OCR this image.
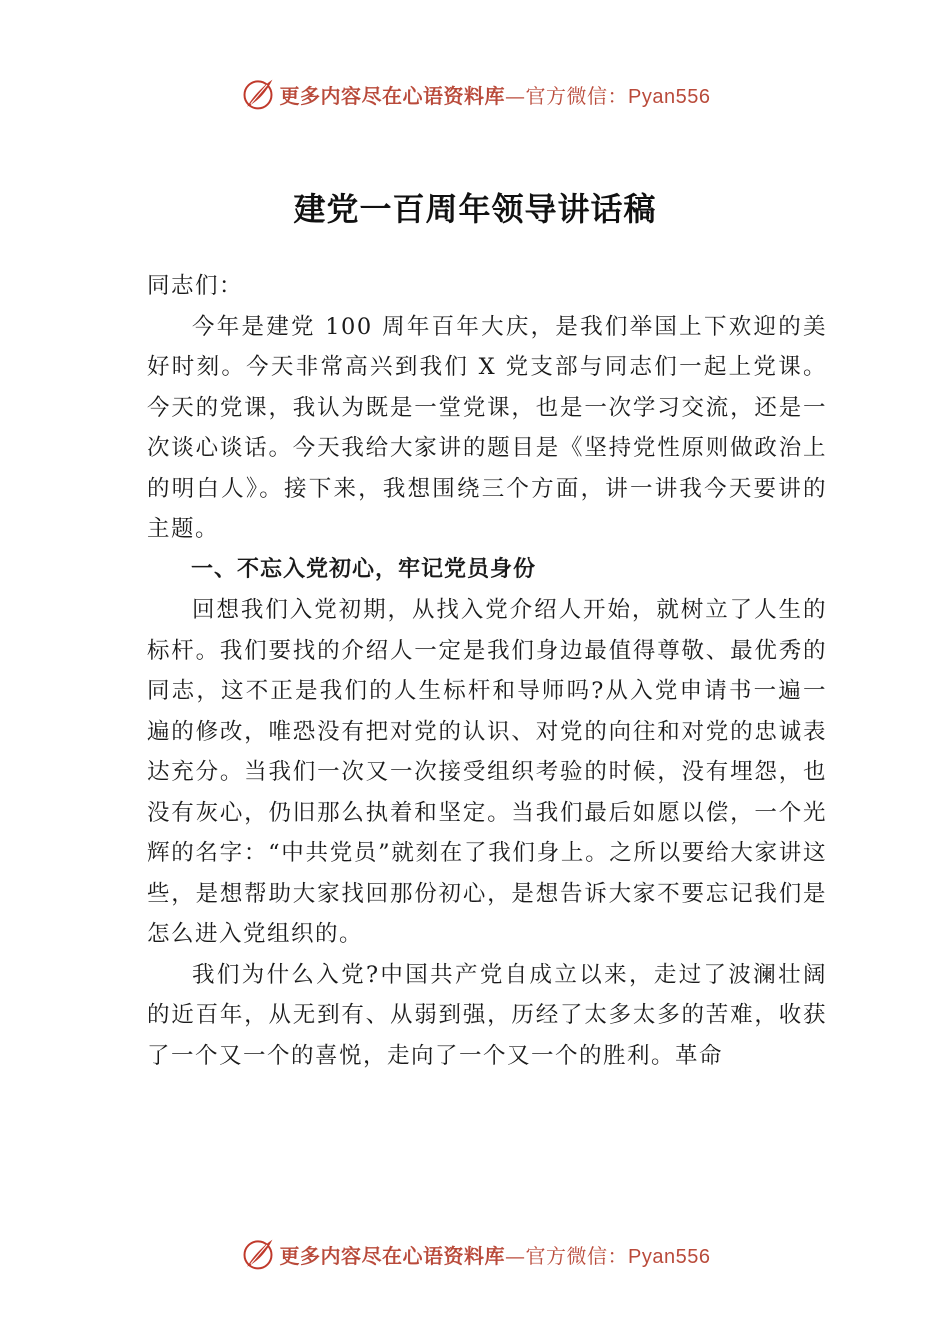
更多内容尽在心语资料库—官方微信：Pyan556
建党一百周年领导讲话稿

同志们：

今年是建党 100 周年百年大庆，是我们举国上下欢迎的美好时刻。今天非常高兴到我们 X 党支部与同志们一起上党课。今天的党课，我认为既是一堂党课，也是一次学习交流，还是一次谈心谈话。今天我给大家讲的题目是《坚持党性原则做政治上的明白人》。接下来，我想围绕三个方面，讲一讲我今天要讲的主题。

一、不忘入党初心，牢记党员身份

回想我们入党初期，从找入党介绍人开始，就树立了人生的标杆。我们要找的介绍人一定是我们身边最值得尊敬、最优秀的同志，这不正是我们的人生标杆和导师吗?从入党申请书一遍一遍的修改，唯恐没有把对党的认识、对党的向往和对党的忠诚表达充分。当我们一次又一次接受组织考验的时候，没有埋怨，也没有灰心，仍旧那么执着和坚定。当我们最后如愿以偿，一个光辉的名字：“中共党员”就刻在了我们身上。之所以要给大家讲这些，是想帮助大家找回那份初心，是想告诉大家不要忘记我们是怎么进入党组织的。

我们为什么入党?中国共产党自成立以来，走过了波澜壮阔的近百年，从无到有、从弱到强，历经了太多太多的苦难，收获了一个又一个的喜悦，走向了一个又一个的胜利。革命

更多内容尽在心语资料库—官方微信：Pyan556
